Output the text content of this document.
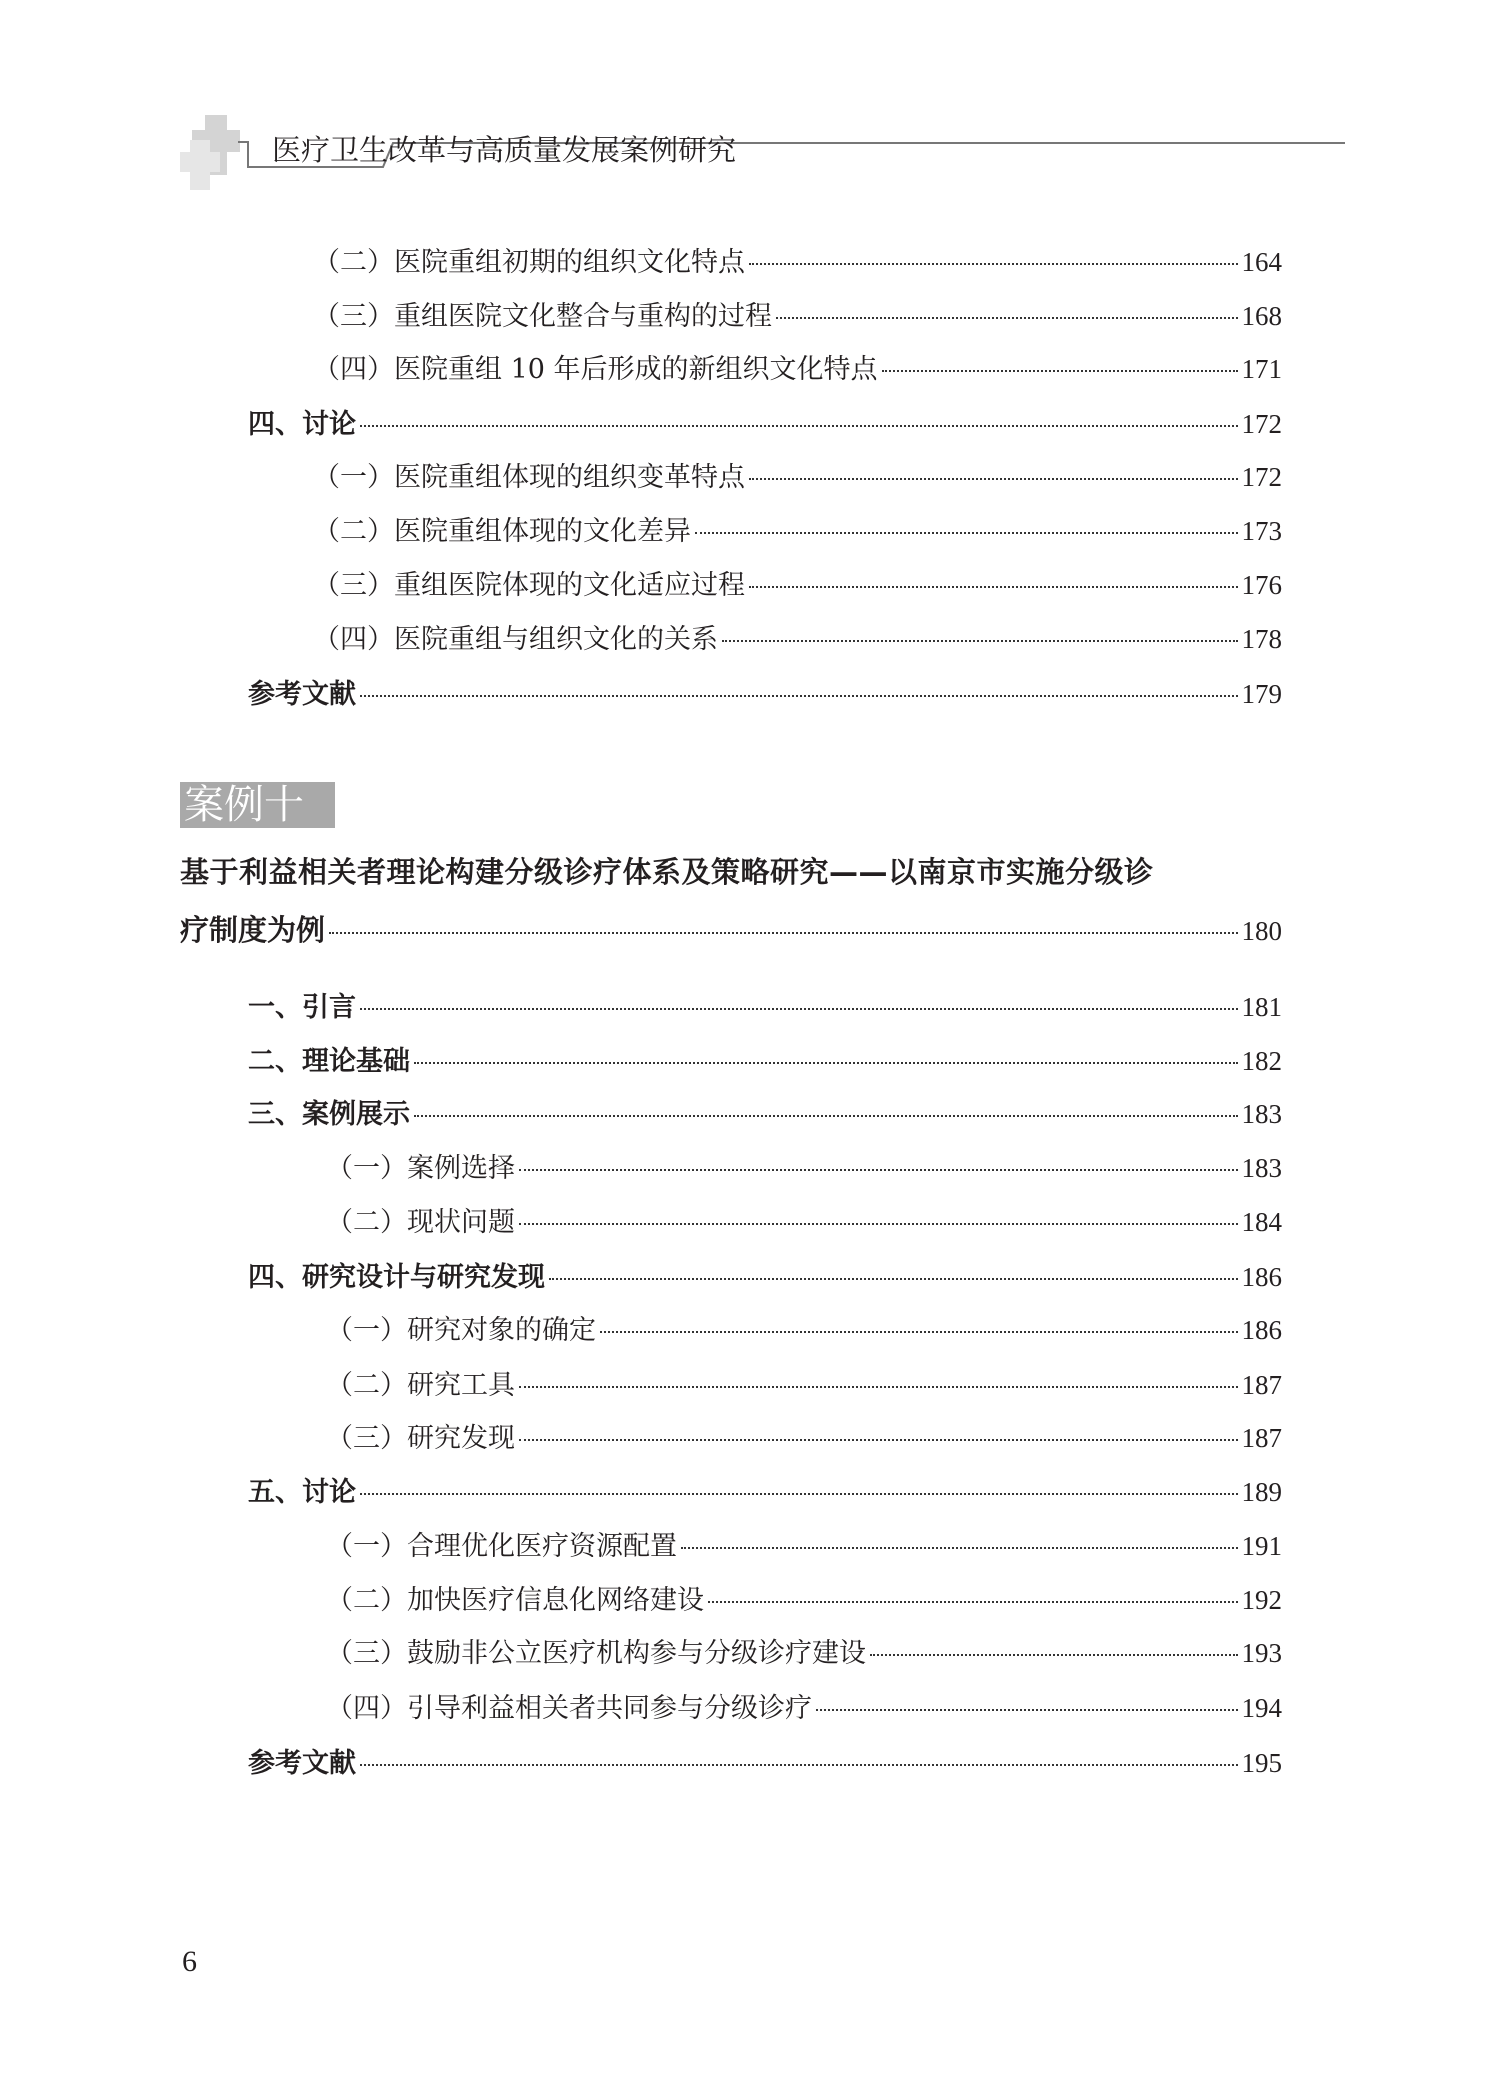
医疗卫生改革与高质量发展案例研究
（二）医院重组初期的组织文化特点	164
（三）重组医院文化整合与重构的过程	168
（四）医院重组 10 年后形成的新组织文化特点	171
四、讨论	172
（一）医院重组体现的组织变革特点	172
（二）医院重组体现的文化差异	173
（三）重组医院体现的文化适应过程	176
（四）医院重组与组织文化的关系	178
参考文献	179
案例十
基于利益相关者理论构建分级诊疗体系及策略研究——以南京市实施分级诊
疗制度为例	180
一、引言	181
二、理论基础	182
三、案例展示	183
（一）案例选择	183
（二）现状问题	184
四、研究设计与研究发现	186
（一）研究对象的确定	186
（二）研究工具	187
（三）研究发现	187
五、讨论	189
（一）合理优化医疗资源配置	191
（二）加快医疗信息化网络建设	192
（三）鼓励非公立医疗机构参与分级诊疗建设	193
（四）引导利益相关者共同参与分级诊疗	194
参考文献	195
6
